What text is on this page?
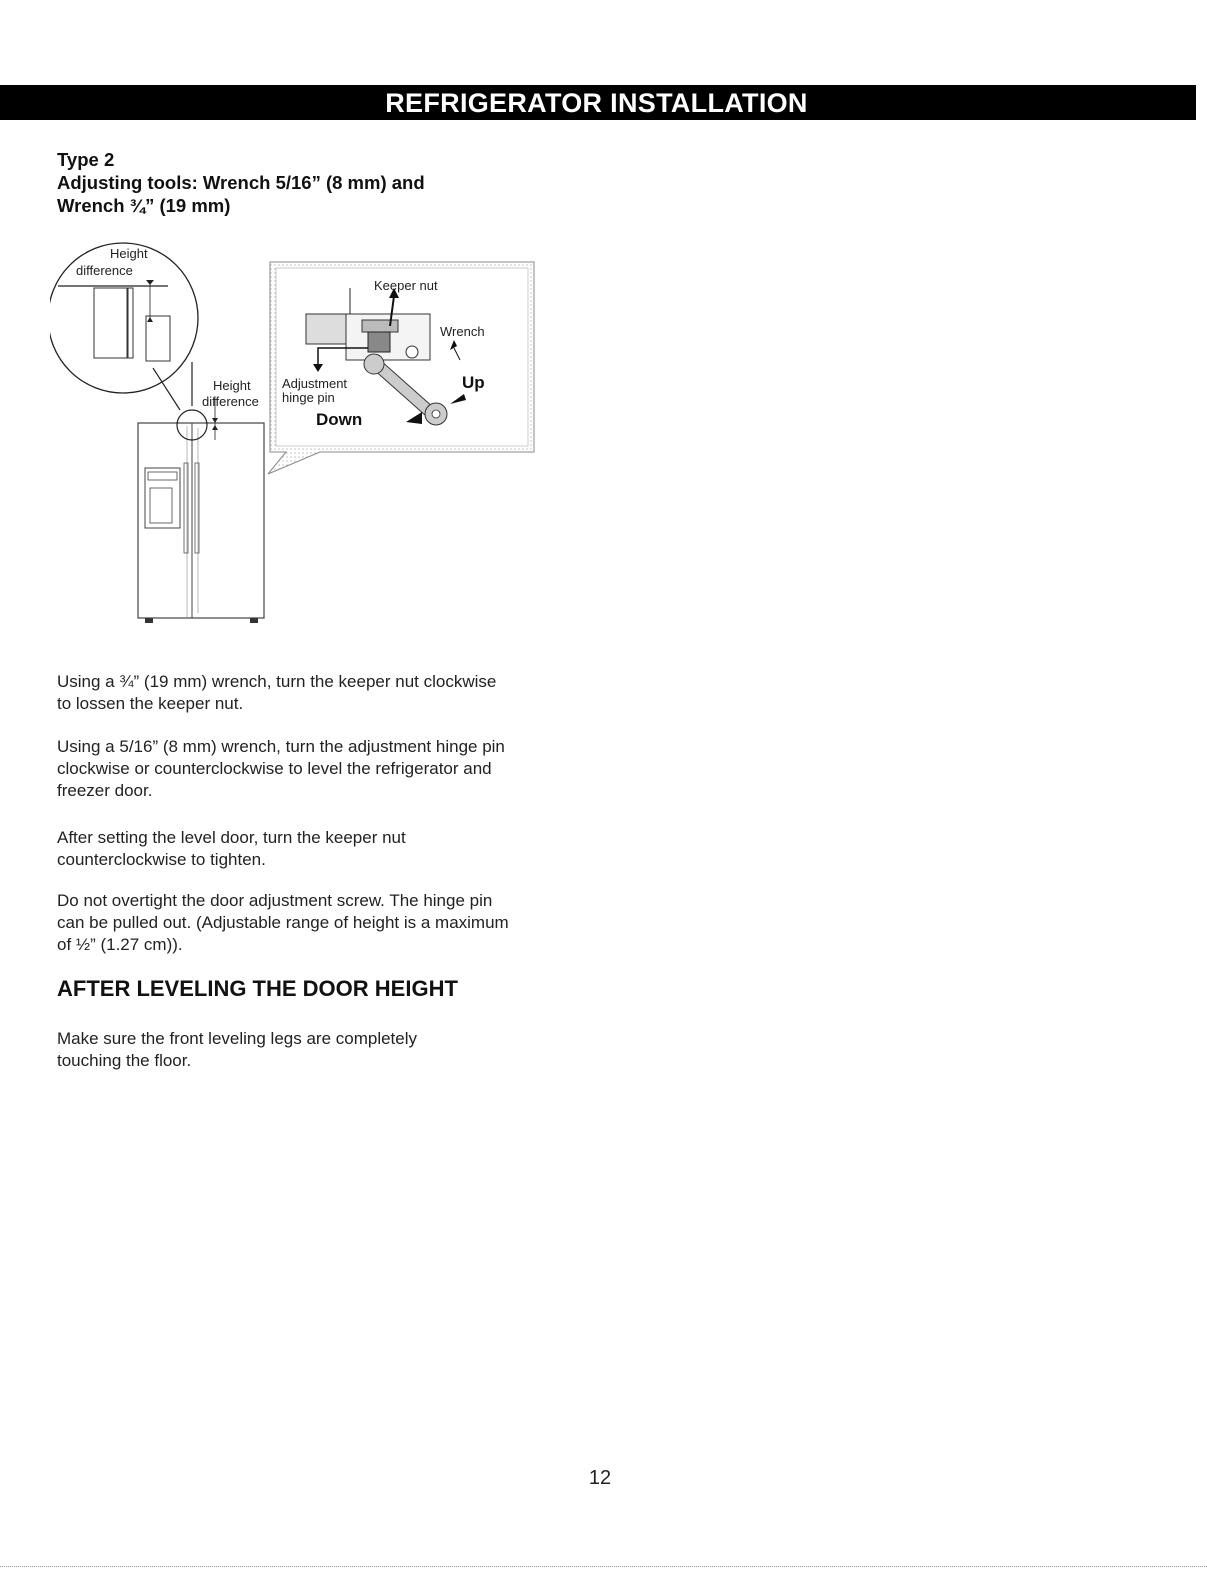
REFRIGERATOR INSTALLATION
Type 2
Adjusting tools: Wrench 5/16” (8 mm) and
Wrench ¾” (19 mm)
Height
difference
Height
difference
Keeper nut
Wrench
Adjustment
hinge pin
Up
Down
Using a ¾” (19 mm) wrench, turn the keeper nut clockwise
to lossen the keeper nut.
Using a 5/16” (8 mm) wrench, turn the adjustment hinge pin
clockwise or counterclockwise to level the refrigerator and
freezer door.
After setting the level door, turn the keeper nut
counterclockwise to tighten.
Do not overtight the door adjustment screw. The hinge pin
can be pulled out. (Adjustable range of height is a maximum
of ½” (1.27 cm)).
AFTER LEVELING THE DOOR HEIGHT
Make sure the front leveling legs are completely
touching the floor.
12
